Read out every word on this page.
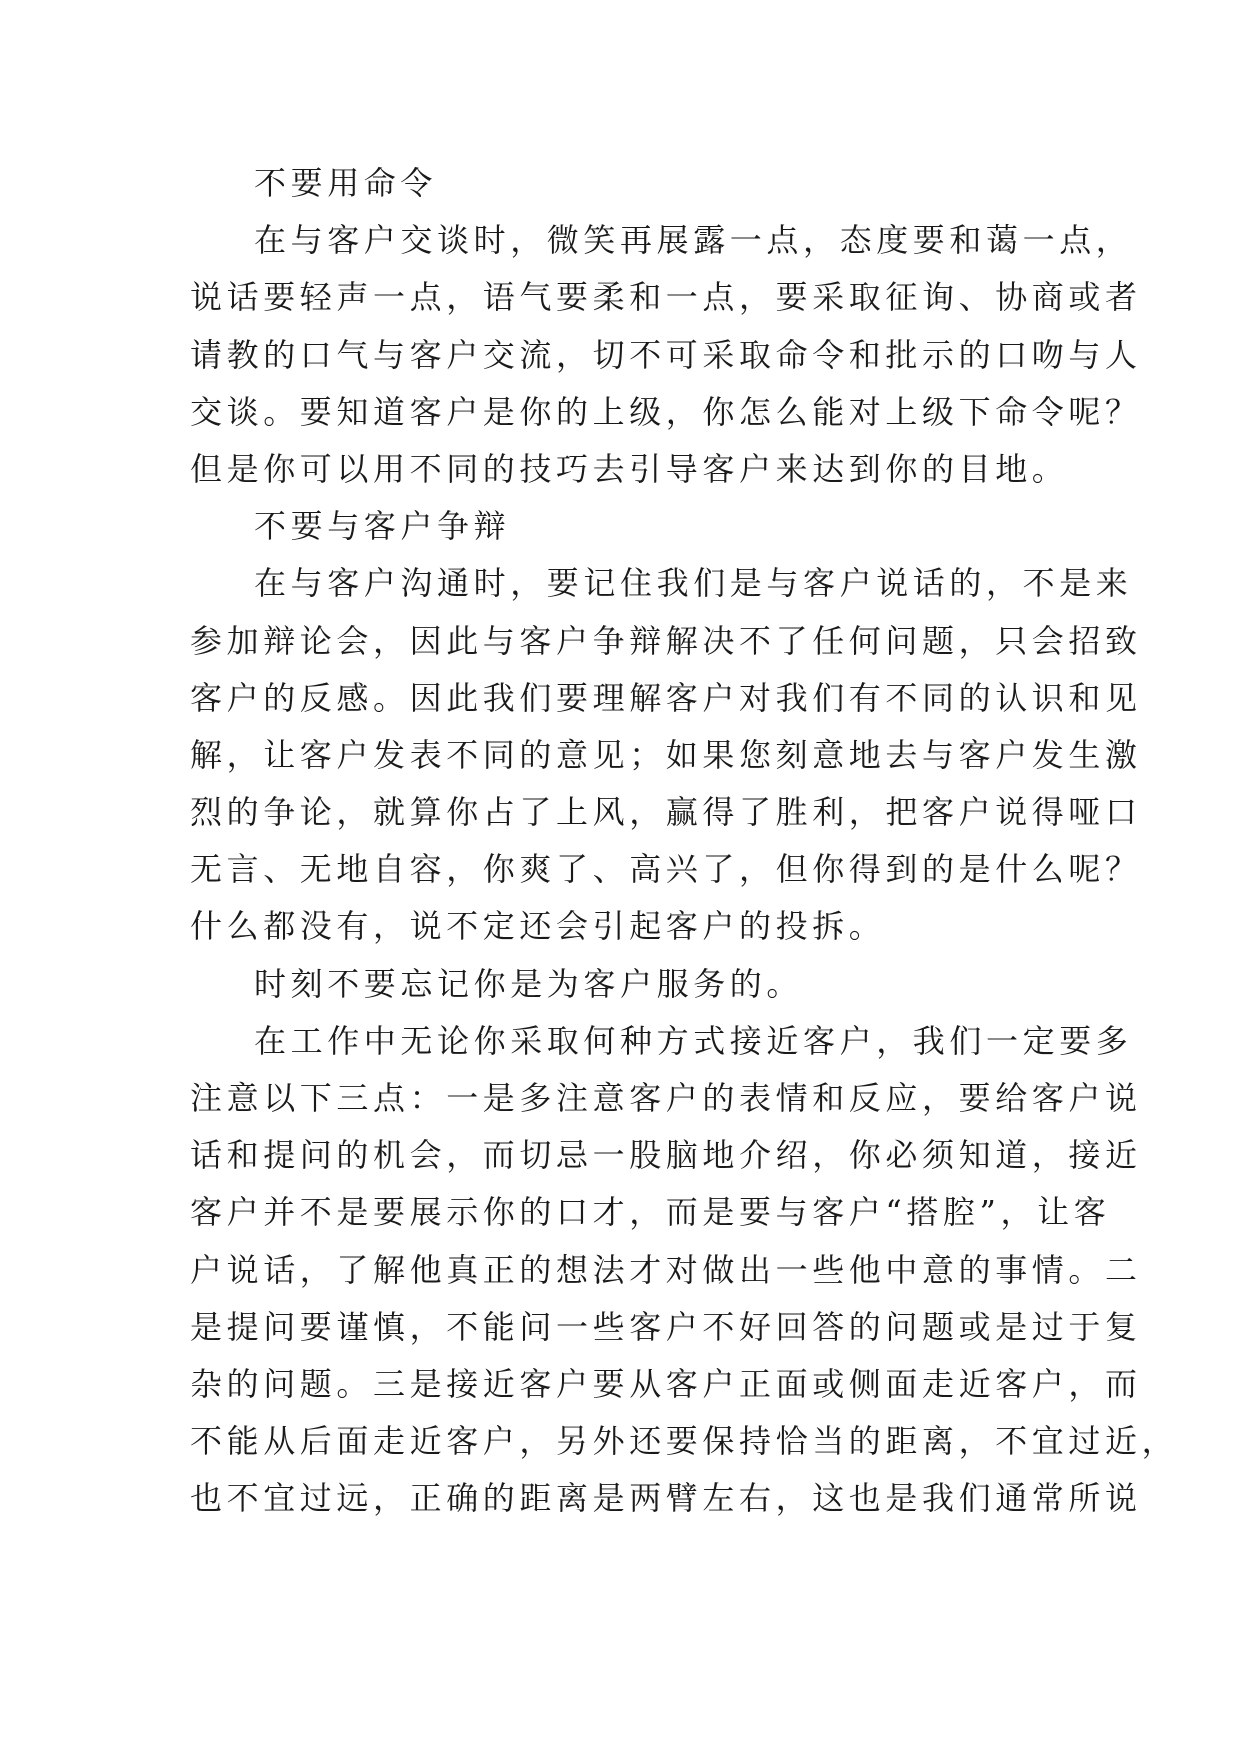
不要用命令
在与客户交谈时，微笑再展露一点，态度要和蔼一点，
说话要轻声一点，语气要柔和一点，要采取征询、协商或者
请教的口气与客户交流，切不可采取命令和批示的口吻与人
交谈。要知道客户是你的上级，你怎么能对上级下命令呢？
但是你可以用不同的技巧去引导客户来达到你的目地。
不要与客户争辩
在与客户沟通时，要记住我们是与客户说话的，不是来
参加辩论会，因此与客户争辩解决不了任何问题，只会招致
客户的反感。因此我们要理解客户对我们有不同的认识和见
解，让客户发表不同的意见；如果您刻意地去与客户发生激
烈的争论，就算你占了上风，赢得了胜利，把客户说得哑口
无言、无地自容，你爽了、高兴了，但你得到的是什么呢？
什么都没有，说不定还会引起客户的投拆。
时刻不要忘记你是为客户服务的。
在工作中无论你采取何种方式接近客户，我们一定要多
注意以下三点：一是多注意客户的表情和反应，要给客户说
话和提问的机会，而切忌一股脑地介绍，你必须知道，接近
客户并不是要展示你的口才，而是要与客户“搭腔”，让客
户说话，了解他真正的想法才对做出一些他中意的事情。二
是提问要谨慎，不能问一些客户不好回答的问题或是过于复
杂的问题。三是接近客户要从客户正面或侧面走近客户，而
不能从后面走近客户，另外还要保持恰当的距离，不宜过近，
也不宜过远，正确的距离是两臂左右，这也是我们通常所说
